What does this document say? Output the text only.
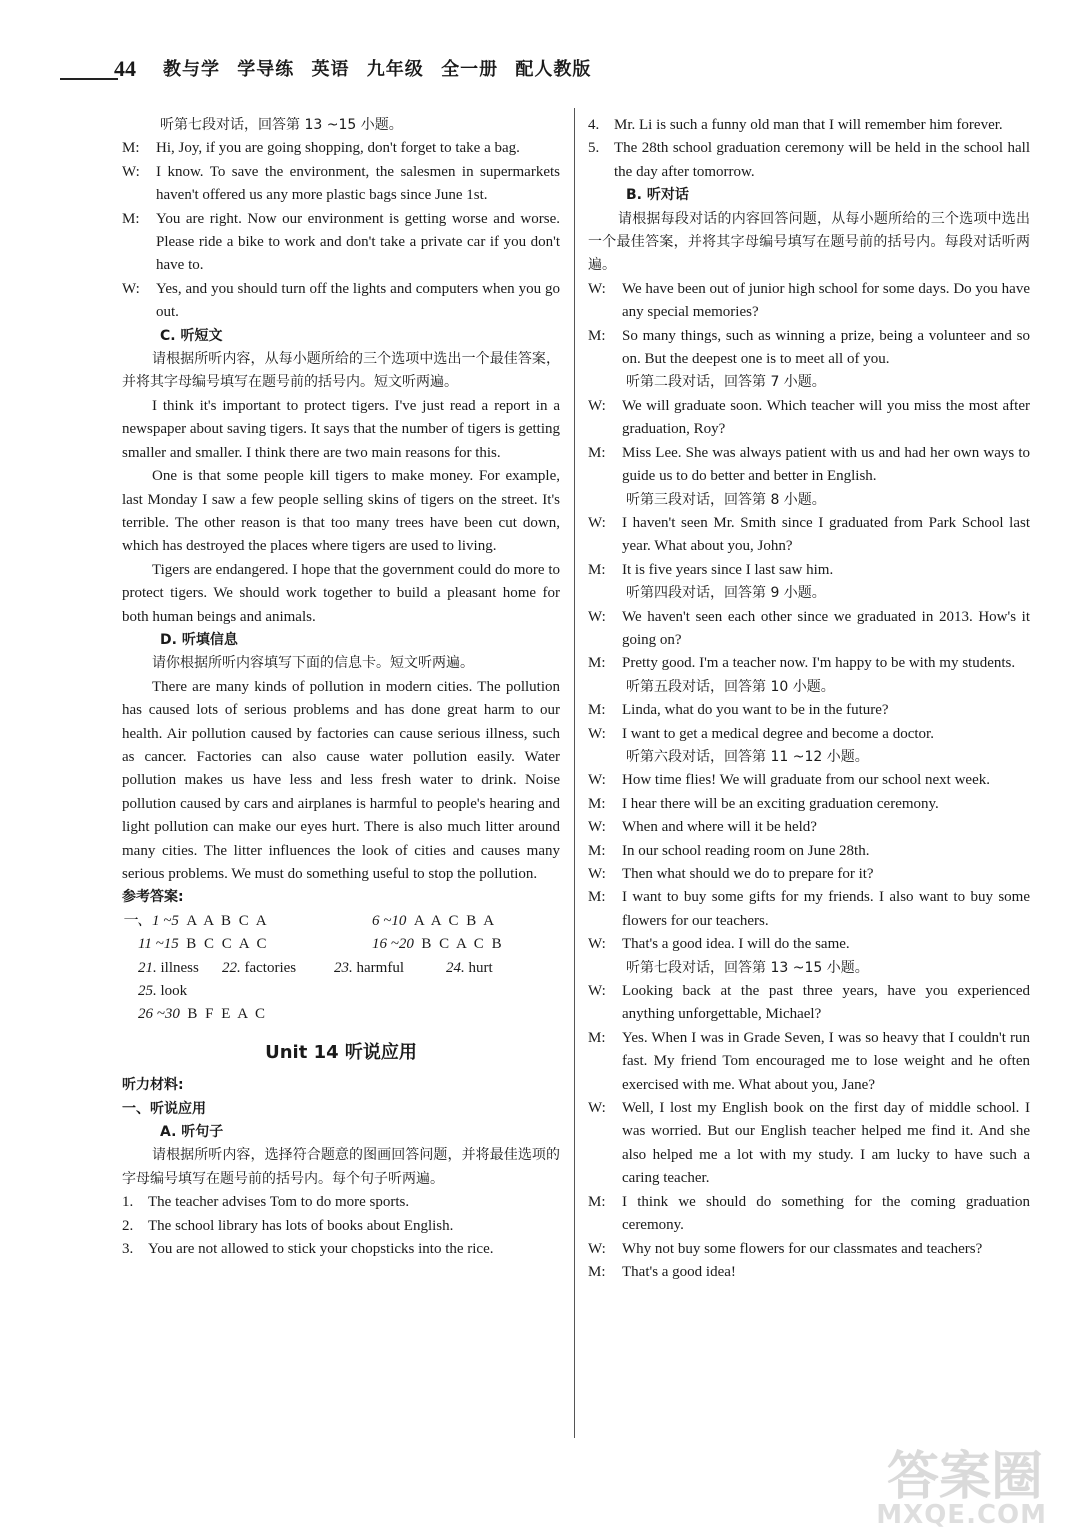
44 教与学 学导练 英语 九年级 全一册 配人教版

听第七段对话，回答第 13 ~15 小题。

M:	Hi, Joy, if you are going shopping, don't forget to take a bag.
W:	I know. To save the environment, the salesmen in supermarkets haven't offered us any more plastic bags since June 1st.
M:	You are right. Now our environment is getting worse and worse. Please ride a bike to work and don't take a private car if you don't have to.
W:	Yes, and you should turn off the lights and computers when you go out.

C. 听短文

请根据所听内容，从每小题所给的三个选项中选出一个最佳答案，并将其字母编号填写在题号前的括号内。短文听两遍。

I think it's important to protect tigers. I've just read a report in a newspaper about saving tigers. It says that the number of tigers is getting smaller and smaller. I think there are two main reasons for this.

One is that some people kill tigers to make money. For example, last Monday I saw a few people selling skins of tigers on the street. It's terrible. The other reason is that too many trees have been cut down, which has destroyed the places where tigers are used to living.

Tigers are endangered. I hope that the government could do more to protect tigers. We should work together to build a pleasant home for both human beings and animals.

D. 听填信息

请你根据所听内容填写下面的信息卡。短文听两遍。

There are many kinds of pollution in modern cities. The pollution has caused lots of serious problems and has done great harm to our health. Air pollution caused by factories can cause serious illness, such as cancer. Factories can also cause water pollution easily. Water pollution makes us have less and less fresh water to drink. Noise pollution caused by cars and airplanes is harmful to people's hearing and light pollution can make our eyes hurt. There is also much litter around many cities. The litter influences the look of cities and causes many serious problems. We must do something useful to stop the pollution.

参考答案:

一、1 ~5 A A B C A	6 ~10 A A C B A
11 ~15 B C C A C	16 ~20 B C A C B
21. illness	22. factories	23. harmful	24. hurt
25. look
26 ~30 B F E A C
Unit 14 听说应用

听力材料:

一、听说应用

A. 听句子

请根据所听内容，选择符合题意的图画回答问题，并将最佳选项的字母编号填写在题号前的括号内。每个句子听两遍。

1. The teacher advises Tom to do more sports.
2. The school library has lots of books about English.
3. You are not allowed to stick your chopsticks into the rice.
4. Mr. Li is such a funny old man that I will remember him forever.
5. The 28th school graduation ceremony will be held in the school hall the day after tomorrow.

B. 听对话

请根据每段对话的内容回答问题，从每小题所给的三个选项中选出一个最佳答案，并将其字母编号填写在题号前的括号内。每段对话听两遍。

W:	We have been out of junior high school for some days. Do you have any special memories?
M:	So many things, such as winning a prize, being a volunteer and so on. But the deepest one is to meet all of you.

听第二段对话，回答第 7 小题。

W:	We will graduate soon. Which teacher will you miss the most after graduation, Roy?
M:	Miss Lee. She was always patient with us and had her own ways to guide us to do better and better in English.

听第三段对话，回答第 8 小题。

W:	I haven't seen Mr. Smith since I graduated from Park School last year. What about you, John?
M:	It is five years since I last saw him.

听第四段对话，回答第 9 小题。

W:	We haven't seen each other since we graduated in 2013. How's it going on?
M:	Pretty good. I'm a teacher now. I'm happy to be with my students.

听第五段对话，回答第 10 小题。

M:	Linda, what do you want to be in the future?
W:	I want to get a medical degree and become a doctor.

听第六段对话，回答第 11 ~12 小题。

W:	How time flies! We will graduate from our school next week.
M:	I hear there will be an exciting graduation ceremony.
W:	When and where will it be held?
M:	In our school reading room on June 28th.
W:	Then what should we do to prepare for it?
M:	I want to buy some gifts for my friends. I also want to buy some flowers for our teachers.
W:	That's a good idea. I will do the same.

听第七段对话，回答第 13 ~15 小题。

W:	Looking back at the past three years, have you experienced anything unforgettable, Michael?
M:	Yes. When I was in Grade Seven, I was so heavy that I couldn't run fast. My friend Tom encouraged me to lose weight and he often exercised with me. What about you, Jane?
W:	Well, I lost my English book on the first day of middle school. I was worried. But our English teacher helped me find it. And she also helped me a lot with my study. I am lucky to have such a caring teacher.
M:	I think we should do something for the coming graduation ceremony.
W:	Why not buy some flowers for our classmates and teachers?
M:	That's a good idea!
答案圈
MXQE.COM
